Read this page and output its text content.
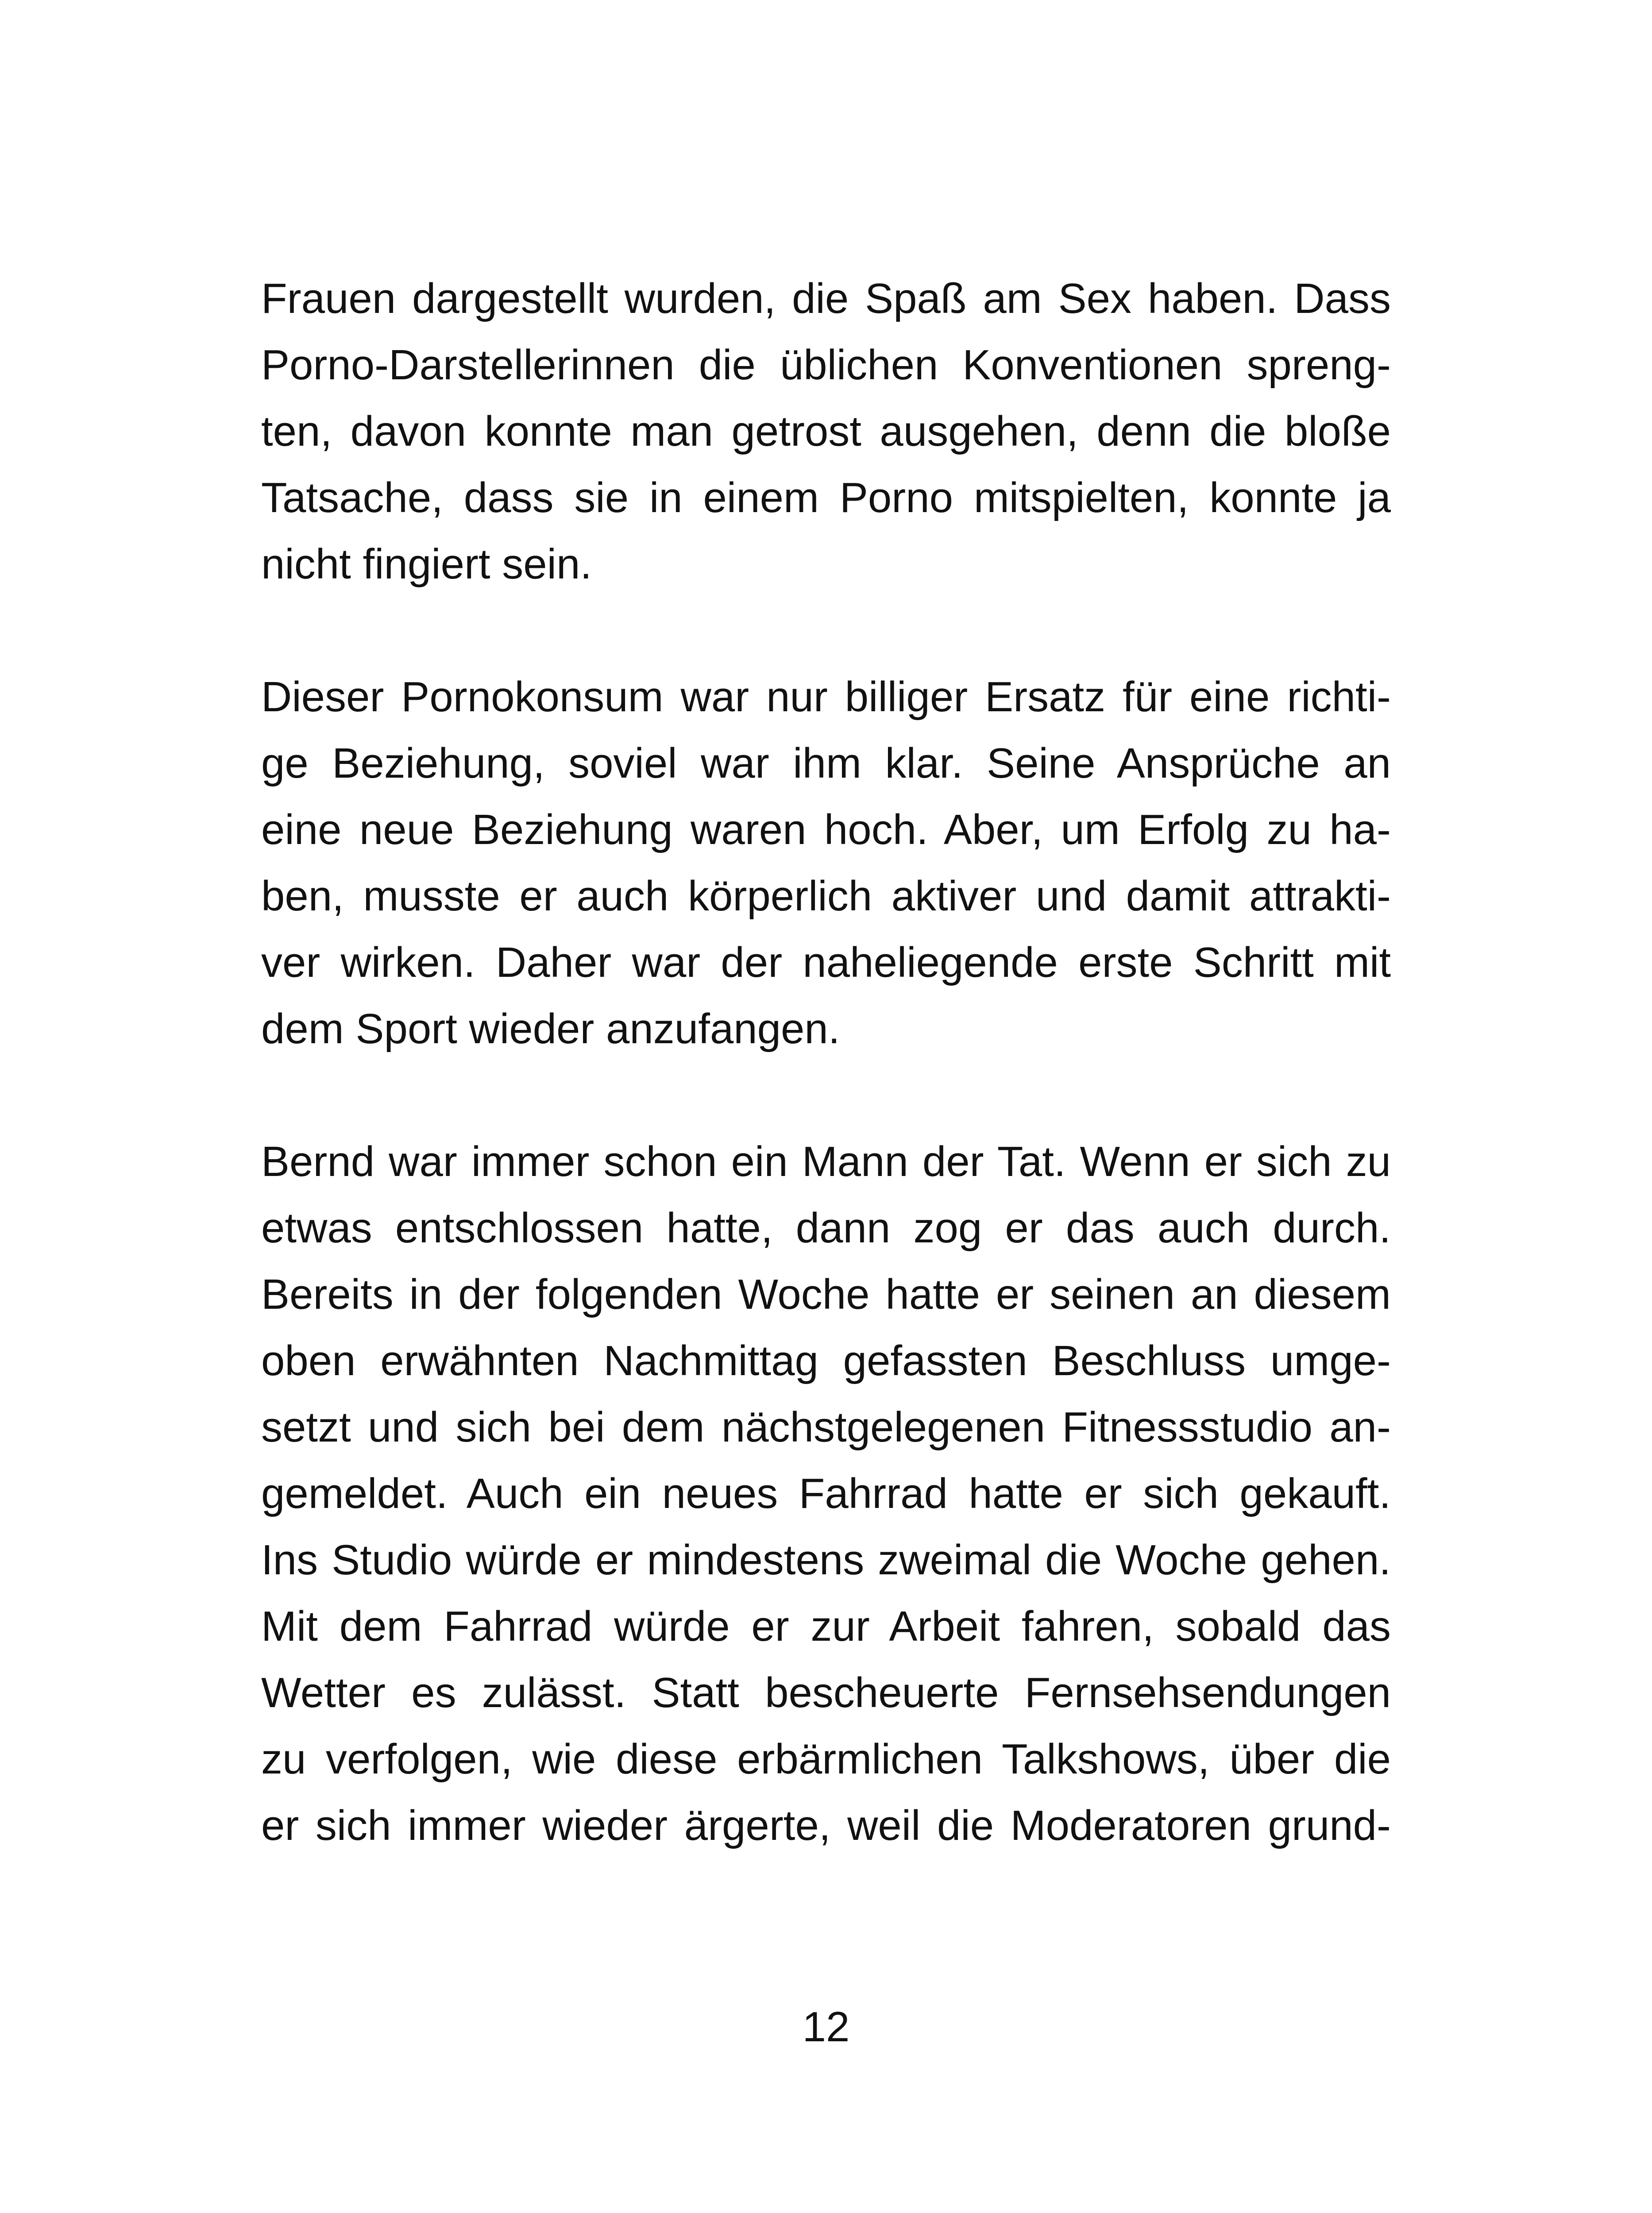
Frauen dargestellt wurden, die Spaß am Sex haben. Dass
Porno-Darstellerinnen die üblichen Konventionen spreng-
ten, davon konnte man getrost ausgehen, denn die bloße
Tatsache, dass sie in einem Porno mitspielten, konnte ja
nicht fingiert sein.

Dieser Pornokonsum war nur billiger Ersatz für eine richti-
ge Beziehung, soviel war ihm klar. Seine Ansprüche an
eine neue Beziehung waren hoch. Aber, um Erfolg zu ha-
ben, musste er auch körperlich aktiver und damit attrakti-
ver wirken. Daher war der naheliegende erste Schritt mit
dem Sport wieder anzufangen.

Bernd war immer schon ein Mann der Tat. Wenn er sich zu
etwas entschlossen hatte, dann zog er das auch durch.
Bereits in der folgenden Woche hatte er seinen an diesem
oben erwähnten Nachmittag gefassten Beschluss umge-
setzt und sich bei dem nächstgelegenen Fitnessstudio an-
gemeldet. Auch ein neues Fahrrad hatte er sich gekauft.
Ins Studio würde er mindestens zweimal die Woche gehen.
Mit dem Fahrrad würde er zur Arbeit fahren, sobald das
Wetter es zulässt. Statt bescheuerte Fernsehsendungen
zu verfolgen, wie diese erbärmlichen Talkshows, über die
er sich immer wieder ärgerte, weil die Moderatoren grund-

12
